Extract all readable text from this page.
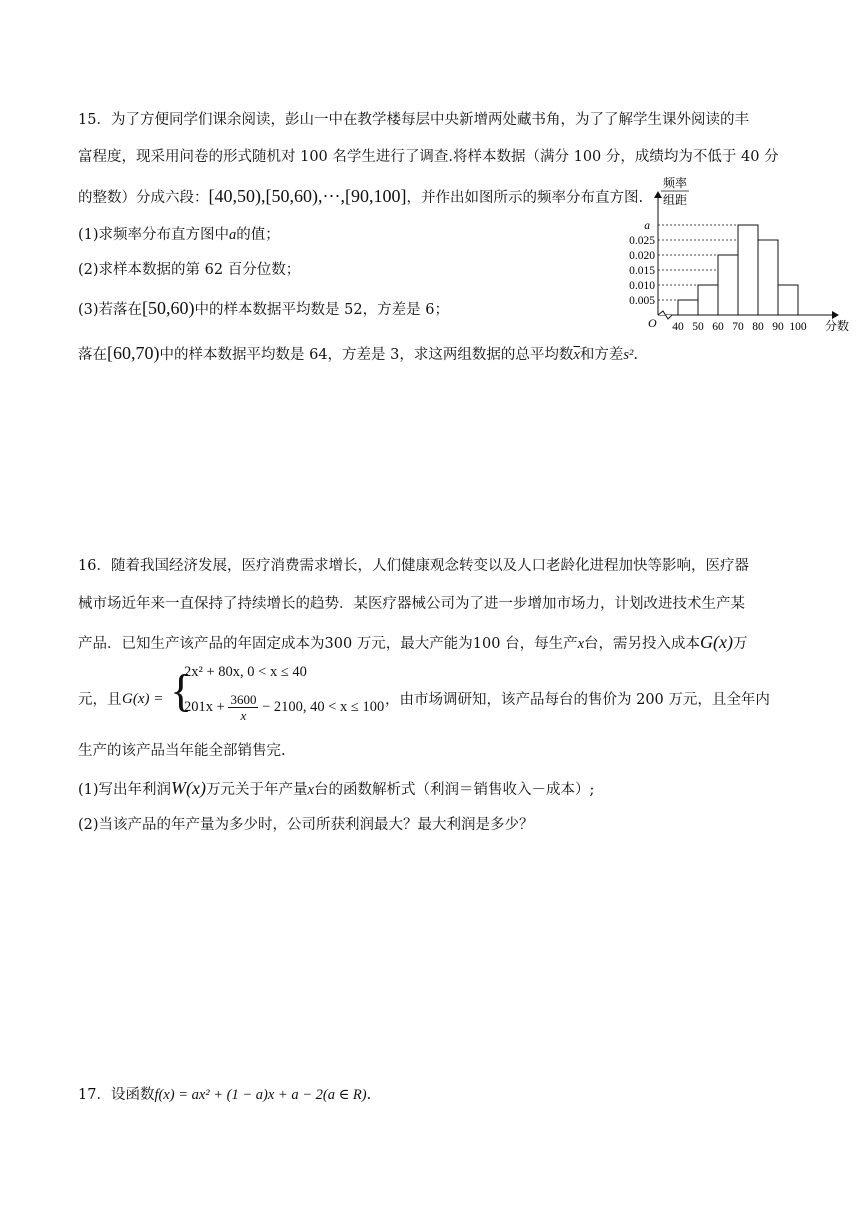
15．为了方便同学们课余阅读，彭山一中在教学楼每层中央新增两处藏书角，为了了解学生课外阅读的丰
富程度，现采用问卷的形式随机对 100 名学生进行了调查.将样本数据（满分 100 分，成绩均为不低于 40 分
的整数）分成六段：[40,50),[50,60),···,[90,100]，并作出如图所示的频率分布直方图.
(1)求频率分布直方图中a的值；
(2)求样本数据的第 62 百分位数；
(3)若落在[50,60)中的样本数据平均数是 52，方差是 6；
落在[60,70)中的样本数据平均数是 64，方差是 3，求这两组数据的总平均数$\overline{x}$和方差s².
频率
组距
O 40 50 60 70 80 90 100 分数
0.005
0.010
0.015
0.020
0.025
a
16．随着我国经济发展，医疗消费需求增长，人们健康观念转变以及人口老龄化进程加快等影响，医疗器
械市场近年来一直保持了持续增长的趋势．某医疗器械公司为了进一步增加市场力，计划改进技术生产某
产品．已知生产该产品的年固定成本为300 万元，最大产能为100 台，每生产x台，需另投入成本G(x)万
元，且 G(x) = {
2x² + 80x, 0 < x ≤ 40
$201x + \frac{3600}{x} - 2100$, 40 < x ≤ 100 ，由市场调研知，该产品每台的售价为 200 万元，且全年内
生产的该产品当年能全部销售完.
(1)写出年利润W(x)万元关于年产量x台的函数解析式（利润＝销售收入－成本）;
(2)当该产品的年产量为多少时，公司所获利润最大？最大利润是多少？
17．设函数f(x) = ax² + (1 − a)x + a − 2(a ∈ R).
